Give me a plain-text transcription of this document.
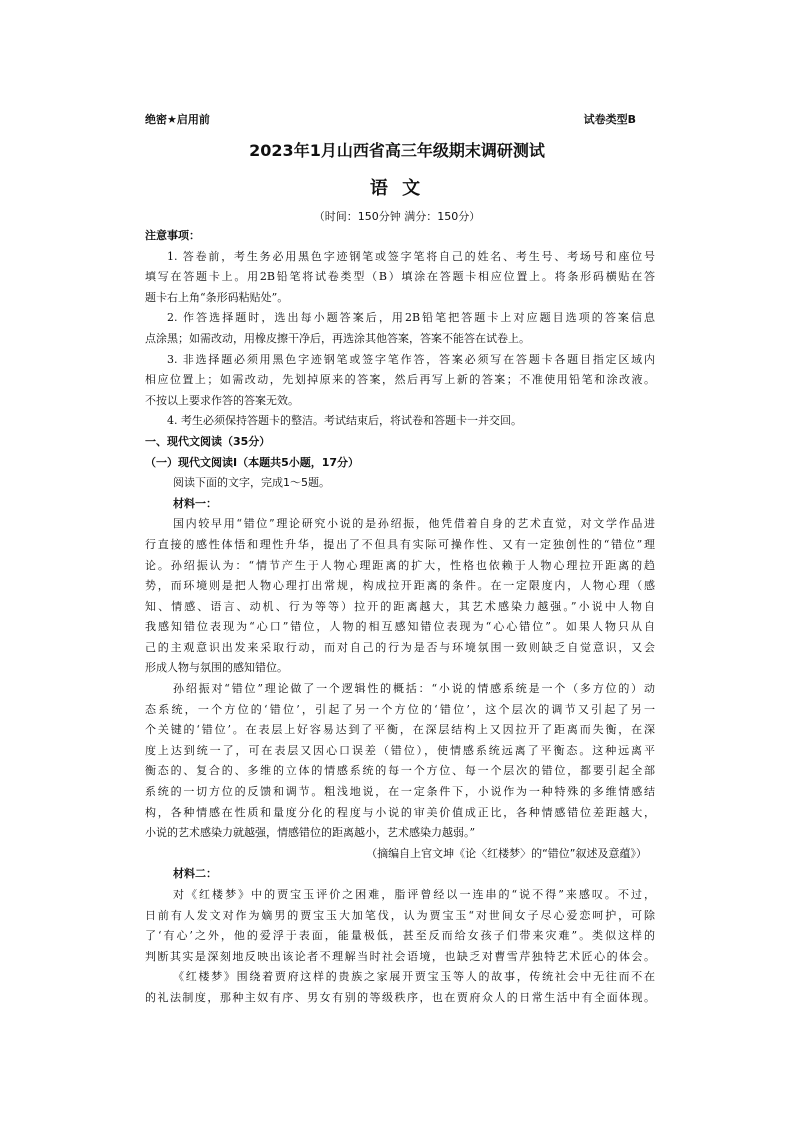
绝密★启用前	试卷类型B
2023年1月山西省高三年级期末调研测试
语 文
（时间：150分钟 满分：150分）
注意事项：
1. 答卷前，考生务必用黑色字迹钢笔或签字笔将自己的姓名、考生号、考场号和座位号
填写在答题卡上。用2B铅笔将试卷类型（B）填涂在答题卡相应位置上。将条形码横贴在答
题卡右上角“条形码粘贴处”。
2. 作答选择题时，选出每小题答案后，用2B铅笔把答题卡上对应题目选项的答案信息
点涂黑；如需改动，用橡皮擦干净后，再选涂其他答案，答案不能答在试卷上。
3. 非选择题必须用黑色字迹钢笔或签字笔作答，答案必须写在答题卡各题目指定区域内
相应位置上；如需改动，先划掉原来的答案，然后再写上新的答案；不准使用铅笔和涂改液。
不按以上要求作答的答案无效。
4. 考生必须保持答题卡的整洁。考试结束后，将试卷和答题卡一并交回。
一、现代文阅读（35分）
（一）现代文阅读Ⅰ（本题共5小题，17分）
阅读下面的文字，完成1～5题。
材料一：
国内较早用“错位”理论研究小说的是孙绍振，他凭借着自身的艺术直觉，对文学作品进
行直接的感性体悟和理性升华，提出了不但具有实际可操作性、又有一定独创性的“错位”理
论。孙绍振认为：“情节产生于人物心理距离的扩大，性格也依赖于人物心理拉开距离的趋
势，而环境则是把人物心理打出常规，构成拉开距离的条件。在一定限度内，人物心理（感
知、情感、语言、动机、行为等等）拉开的距离越大，其艺术感染力越强。”小说中人物自
我感知错位表现为“心口”错位，人物的相互感知错位表现为“心心错位”。如果人物只从自
己的主观意识出发来采取行动，而对自己的行为是否与环境氛围一致则缺乏自觉意识，又会
形成人物与氛围的感知错位。
孙绍振对“错位”理论做了一个逻辑性的概括：“小说的情感系统是一个（多方位的）动
态系统，一个方位的‘错位’，引起了另一个方位的‘错位’，这个层次的调节又引起了另一
个关键的‘错位’。在表层上好容易达到了平衡，在深层结构上又因拉开了距离而失衡，在深
度上达到统一了，可在表层又因心口误差（错位），使情感系统远离了平衡态。这种远离平
衡态的、复合的、多维的立体的情感系统的每一个方位、每一个层次的错位，都要引起全部
系统的一切方位的反馈和调节。粗浅地说，在一定条件下，小说作为一种特殊的多维情感结
构，各种情感在性质和量度分化的程度与小说的审美价值成正比，各种情感错位差距越大，
小说的艺术感染力就越强，情感错位的距离越小，艺术感染力越弱。”
（摘编自上官文坤《论〈红楼梦〉的“错位”叙述及意蕴》）
材料二：
对《红楼梦》中的贾宝玉评价之困难，脂评曾经以一连串的“说不得”来感叹。不过，
日前有人发文对作为嫡男的贾宝玉大加笔伐，认为贾宝玉“对世间女子尽心爱恋呵护，可除
了‘有心’之外，他的爱浮于表面，能量极低，甚至反而给女孩子们带来灾难”。类似这样的
判断其实是深刻地反映出该论者不理解当时社会语境，也缺乏对曹雪芹独特艺术匠心的体会。
《红楼梦》围绕着贾府这样的贵族之家展开贾宝玉等人的故事，传统社会中无往而不在
的礼法制度，那种主奴有序、男女有别的等级秩序，也在贾府众人的日常生活中有全面体现。
